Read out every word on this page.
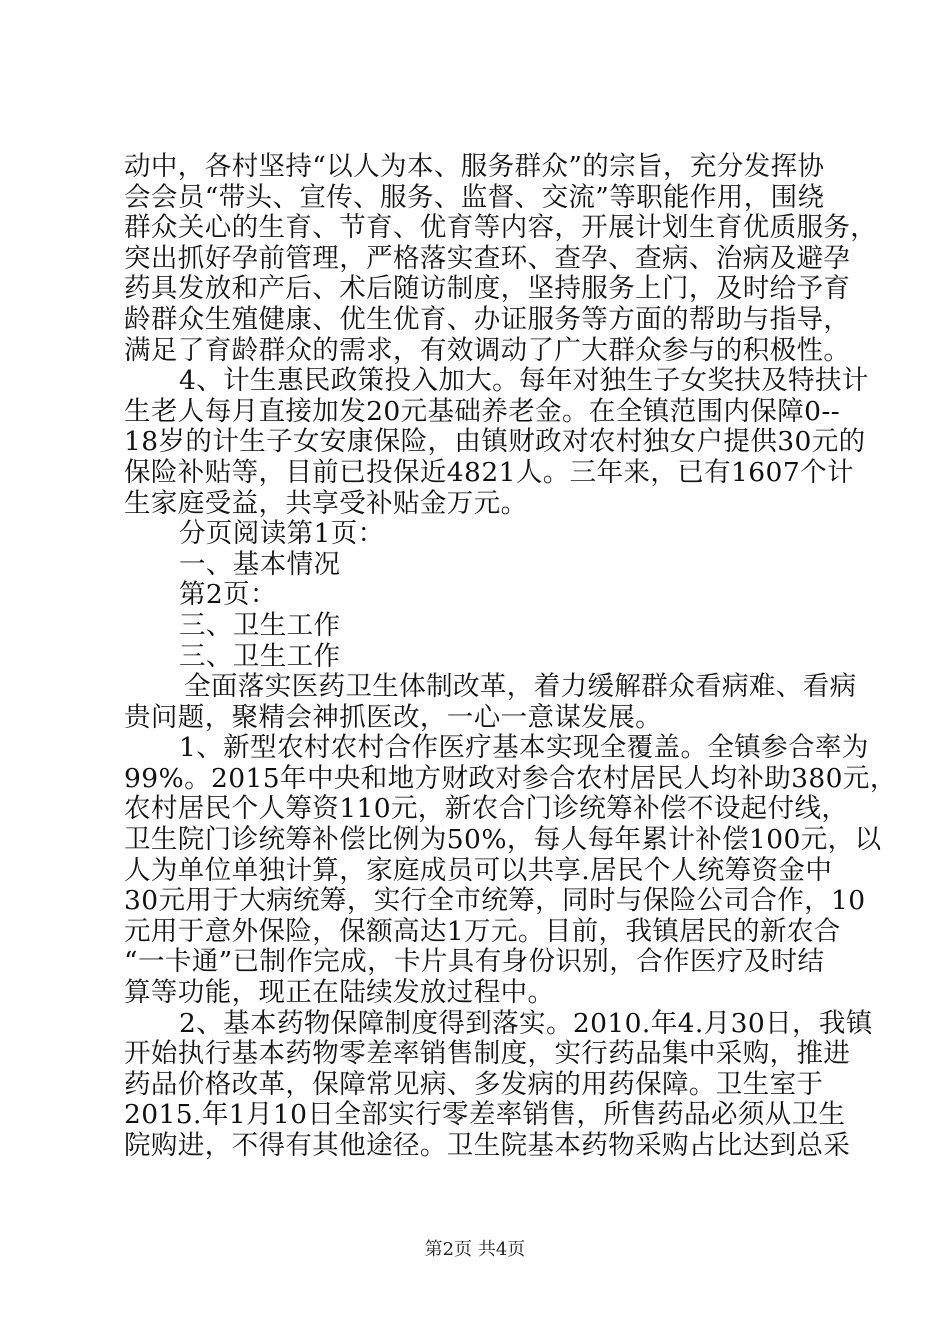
动中，各村坚持“以人为本、服务群众”的宗旨，充分发挥协
会会员“带头、宣传、服务、监督、交流”等职能作用，围绕
群众关心的生育、节育、优育等内容，开展计划生育优质服务，
突出抓好孕前管理，严格落实查环、查孕、查病、治病及避孕
药具发放和产后、术后随访制度，坚持服务上门，及时给予育
龄群众生殖健康、优生优育、办证服务等方面的帮助与指导，
满足了育龄群众的需求，有效调动了广大群众参与的积极性。
4、计生惠民政策投入加大。每年对独生子女奖扶及特扶计
生老人每月直接加发20元基础养老金。在全镇范围内保障0--
18岁的计生子女安康保险，由镇财政对农村独女户提供30元的
保险补贴等，目前已投保近4821人。三年来，已有1607个计
生家庭受益，共享受补贴金万元。
分页阅读第1页：
一、基本情况
第2页：
三、卫生工作
三、卫生工作
全面落实医药卫生体制改革，着力缓解群众看病难、看病
贵问题，聚精会神抓医改，一心一意谋发展。
1、新型农村农村合作医疗基本实现全覆盖。全镇参合率为
99%。2015年中央和地方财政对参合农村居民人均补助380元，
农村居民个人筹资110元，新农合门诊统筹补偿不设起付线，
卫生院门诊统筹补偿比例为50%，每人每年累计补偿100元，以
人为单位单独计算，家庭成员可以共享.居民个人统筹资金中
30元用于大病统筹，实行全市统筹，同时与保险公司合作，10
元用于意外保险，保额高达1万元。目前，我镇居民的新农合
“一卡通”已制作完成，卡片具有身份识别，合作医疗及时结
算等功能，现正在陆续发放过程中。
2、基本药物保障制度得到落实。2010.年4.月30日，我镇
开始执行基本药物零差率销售制度，实行药品集中采购，推进
药品价格改革，保障常见病、多发病的用药保障。卫生室于
2015.年1月10日全部实行零差率销售，所售药品必须从卫生
院购进，不得有其他途径。卫生院基本药物采购占比达到总采
第2页 共4页
